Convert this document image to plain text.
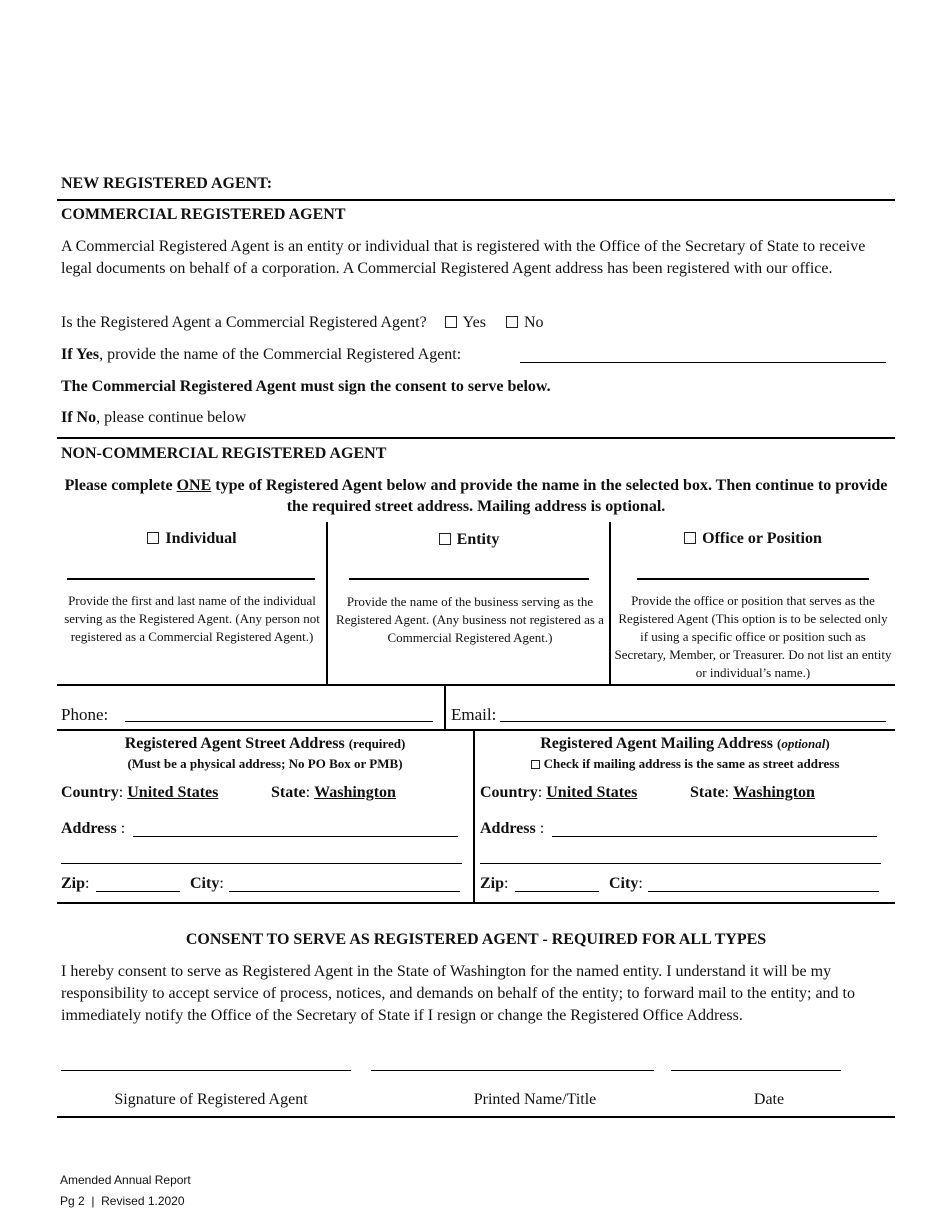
NEW REGISTERED AGENT:
COMMERCIAL REGISTERED AGENT
A Commercial Registered Agent is an entity or individual that is registered with the Office of the Secretary of State to receive legal documents on behalf of a corporation. A Commercial Registered Agent address has been registered with our office.
Is the Registered Agent a Commercial Registered Agent? Yes No
If Yes, provide the name of the Commercial Registered Agent:
The Commercial Registered Agent must sign the consent to serve below.
If No, please continue below
NON-COMMERCIAL REGISTERED AGENT
Please complete ONE type of Registered Agent below and provide the name in the selected box. Then continue to provide the required street address. Mailing address is optional.
Individual
Provide the first and last name of the individual serving as the Registered Agent. (Any person not registered as a Commercial Registered Agent.)
Entity
Provide the name of the business serving as the Registered Agent. (Any business not registered as a Commercial Registered Agent.)
Office or Position
Provide the office or position that serves as the Registered Agent (This option is to be selected only if using a specific office or position such as Secretary, Member, or Treasurer. Do not list an entity or individual’s name.)
Phone:	Email:
Registered Agent Street Address (required)
(Must be a physical address; No PO Box or PMB)
Country: United States	State: Washington
Address :
Zip:	City:
Registered Agent Mailing Address (optional)
Check if mailing address is the same as street address
Country: United States	State: Washington
Address :
Zip:	City:
CONSENT TO SERVE AS REGISTERED AGENT - REQUIRED FOR ALL TYPES
I hereby consent to serve as Registered Agent in the State of Washington for the named entity. I understand it will be my responsibility to accept service of process, notices, and demands on behalf of the entity; to forward mail to the entity; and to immediately notify the Office of the Secretary of State if I resign or change the Registered Office Address.
Signature of Registered Agent	Printed Name/Title	Date
Amended Annual Report
Pg 2  |  Revised 1.2020
